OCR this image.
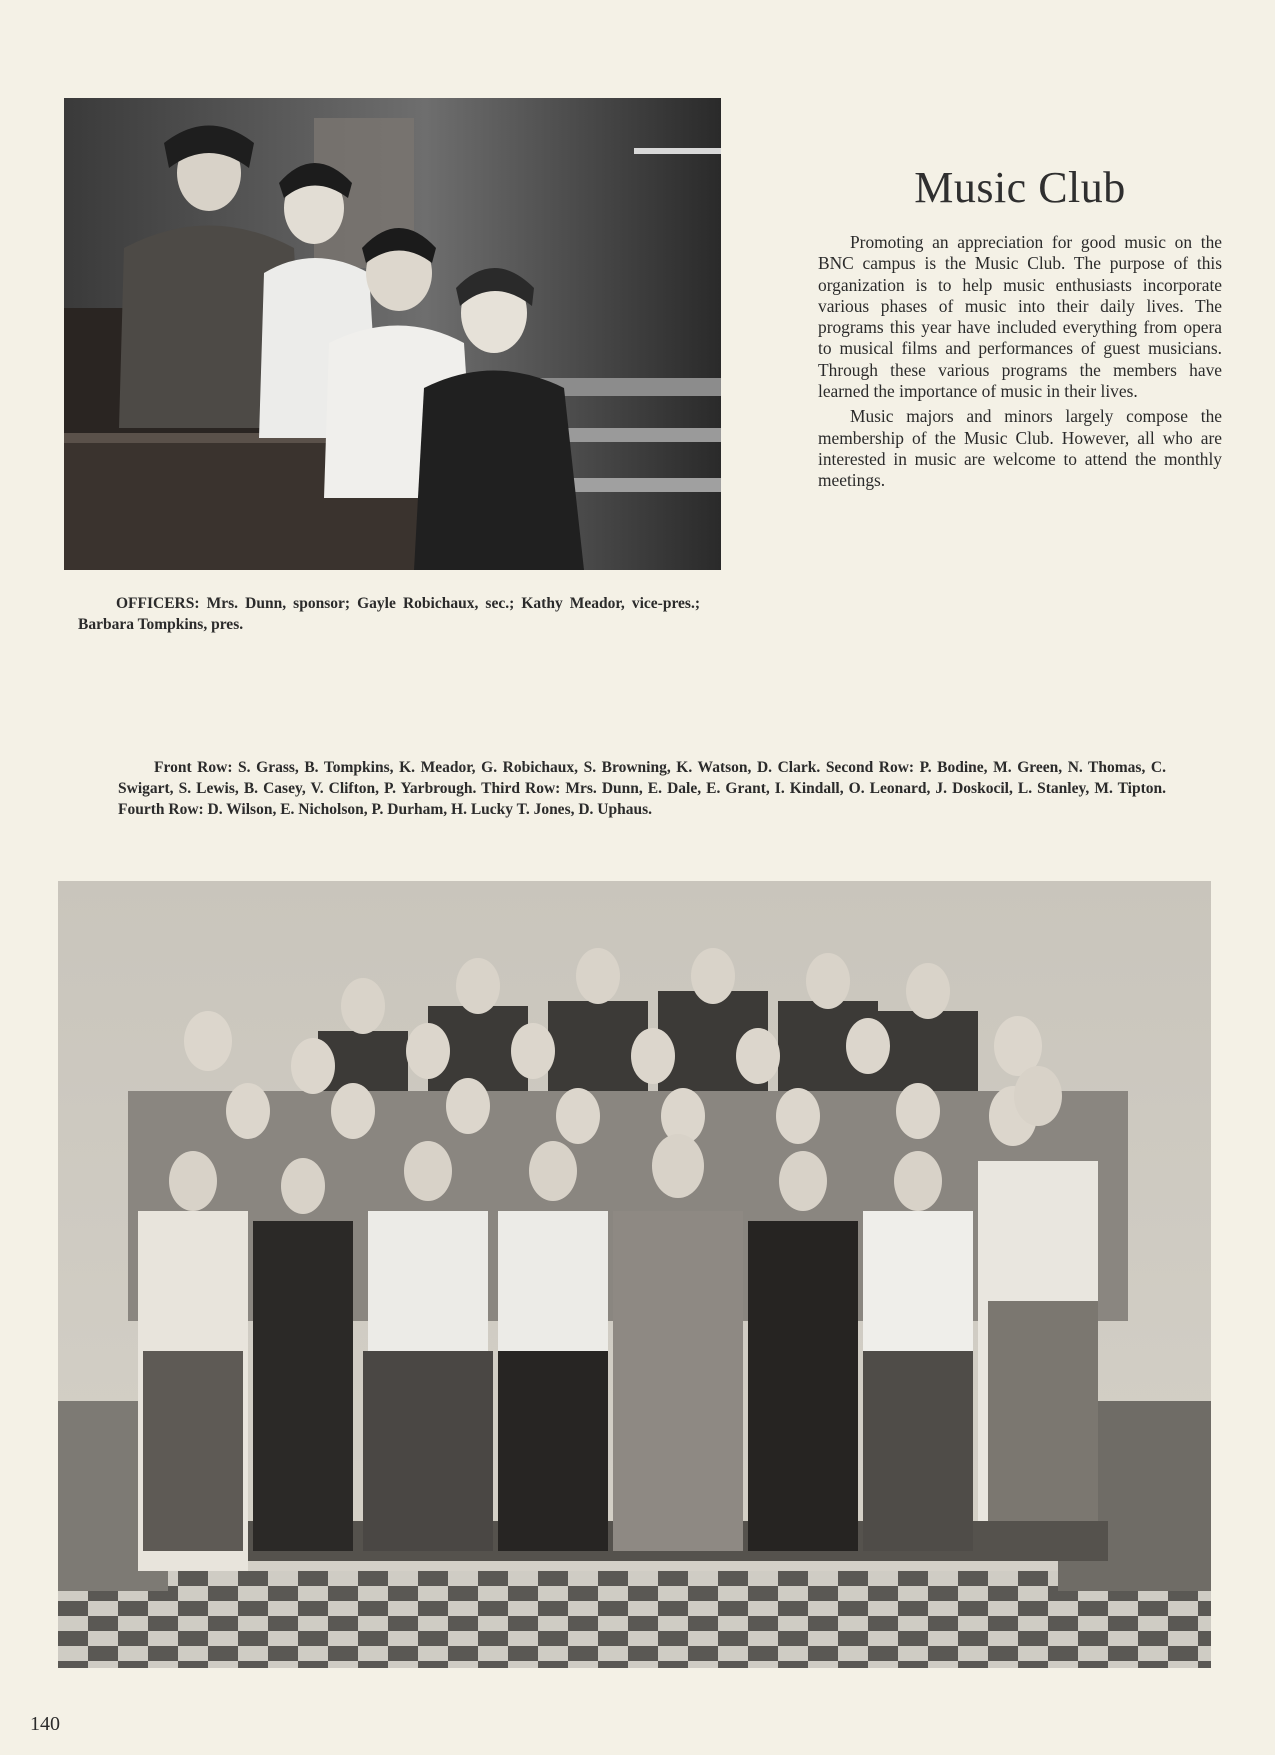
Music Club

Promoting an appreciation for good music on the BNC campus is the Music Club. The purpose of this organization is to help music enthusiasts incorporate various phases of music into their daily lives. The programs this year have included everything from opera to musical films and performances of guest musicians. Through these various programs the members have learned the importance of music in their lives.

Music majors and minors largely compose the membership of the Music Club. However, all who are interested in music are welcome to attend the monthly meetings.

OFFICERS: Mrs. Dunn, sponsor; Gayle Robichaux, sec.; Kathy Meador, vice-pres.; Barbara Tompkins, pres.
Front Row: S. Grass, B. Tompkins, K. Meador, G. Robichaux, S. Browning, K. Watson, D. Clark. Second Row: P. Bodine, M. Green, N. Thomas, C. Swigart, S. Lewis, B. Casey, V. Clifton, P. Yarbrough. Third Row: Mrs. Dunn, E. Dale, E. Grant, I. Kindall, O. Leonard, J. Doskocil, L. Stanley, M. Tipton. Fourth Row: D. Wilson, E. Nicholson, P. Durham, H. Lucky T. Jones, D. Uphaus.
140
